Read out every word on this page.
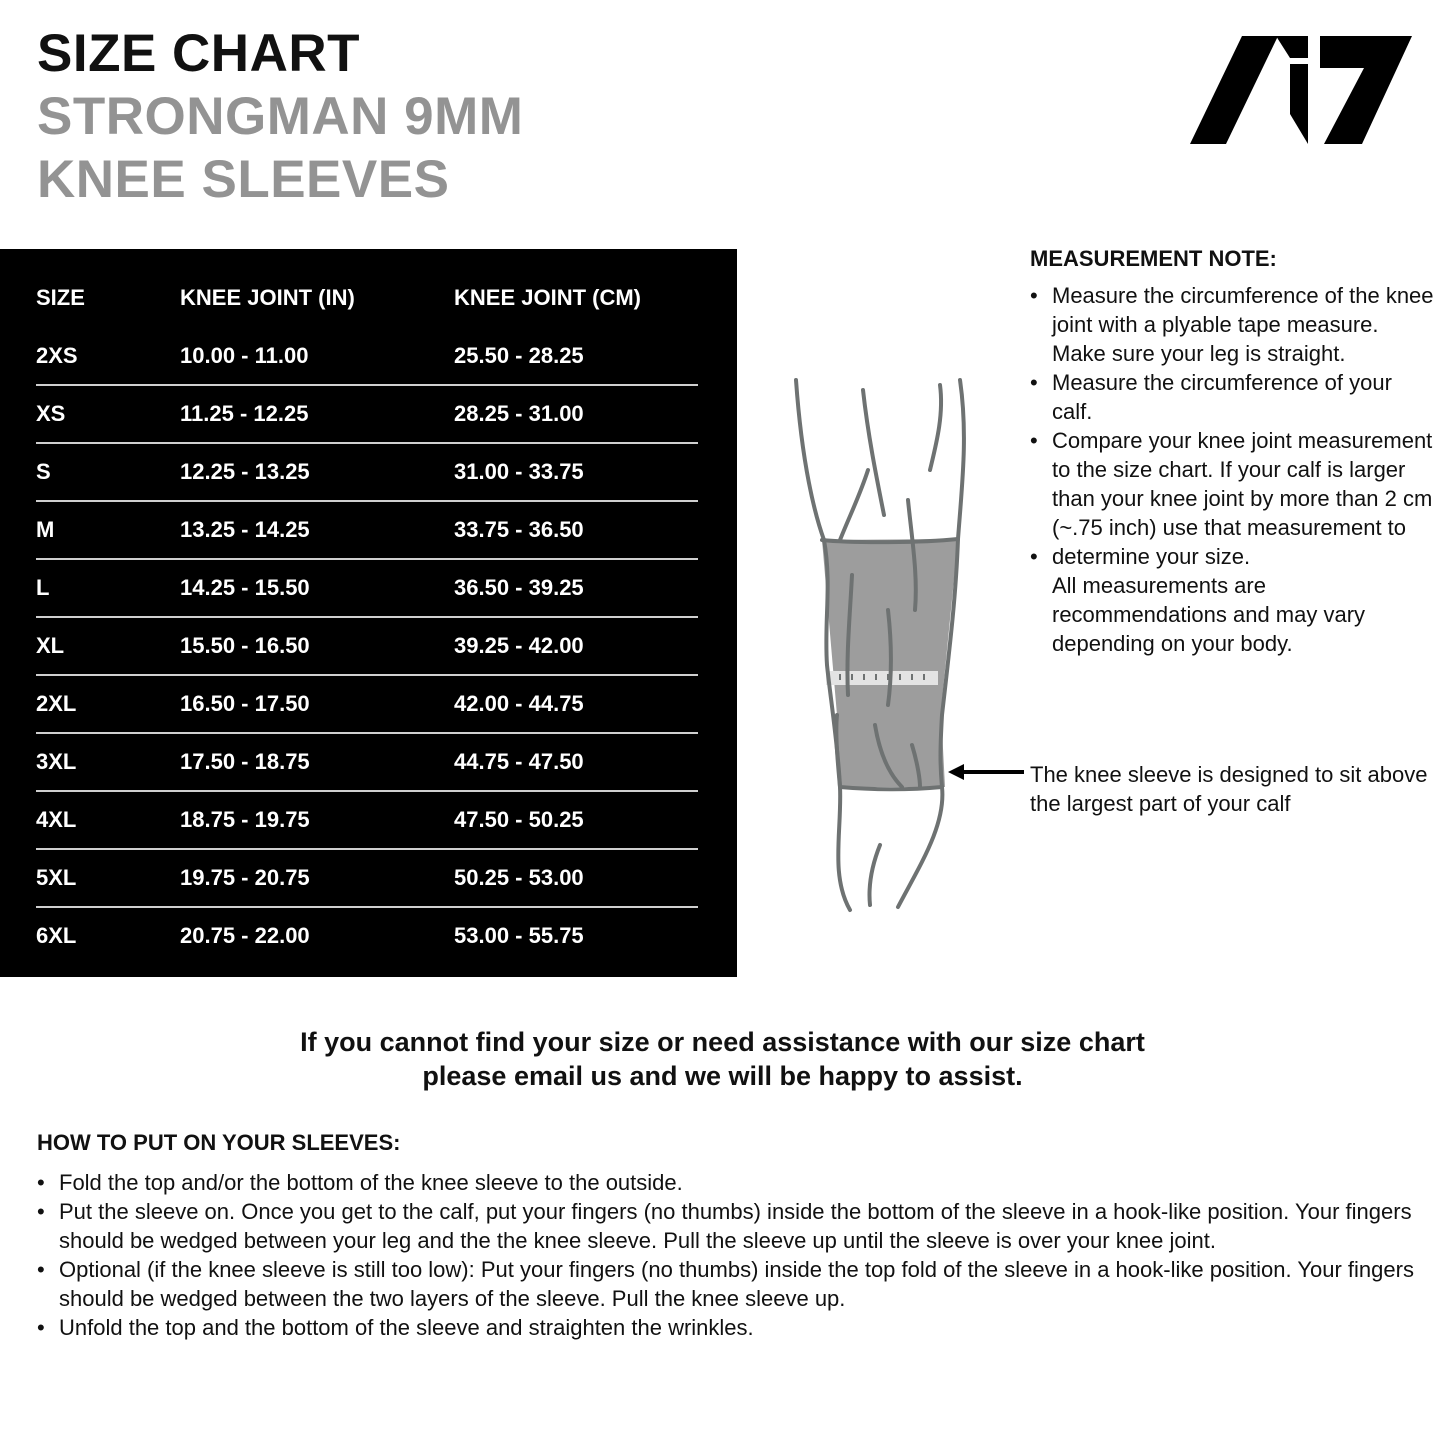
SIZE CHART
STRONGMAN 9MM
KNEE SLEEVES
SIZE	KNEE JOINT (IN)	KNEE JOINT (CM)
2XS	10.00 - 11.00	25.50 - 28.25
XS	11.25 - 12.25	28.25 - 31.00
S	12.25 - 13.25	31.00 - 33.75
M	13.25 - 14.25	33.75 - 36.50
L	14.25 - 15.50	36.50 - 39.25
XL	15.50 - 16.50	39.25 - 42.00
2XL	16.50 - 17.50	42.00 - 44.75
3XL	17.50 - 18.75	44.75 - 47.50
4XL	18.75 - 19.75	47.50 - 50.25
5XL	19.75 - 20.75	50.25 - 53.00
6XL	20.75 - 22.00	53.00 - 55.75
MEASUREMENT NOTE:
• Measure the circumference of the knee joint with a plyable tape measure. Make sure your leg is straight.
• Measure the circumference of your calf.
• Compare your knee joint measurement to the size chart. If your calf is larger than your knee joint by more than 2 cm (~.75 inch) use that measurement to
• determine your size.
All measurements are recommendations and may vary depending on your body.
The knee sleeve is designed to sit above the largest part of your calf
If you cannot find your size or need assistance with our size chart
please email us and we will be happy to assist.
HOW TO PUT ON YOUR SLEEVES:
• Fold the top and/or the bottom of the knee sleeve to the outside.
• Put the sleeve on. Once you get to the calf, put your fingers (no thumbs) inside the bottom of the sleeve in a hook-like position. Your fingers should be wedged between your leg and the the knee sleeve. Pull the sleeve up until the sleeve is over your knee joint.
• Optional (if the knee sleeve is still too low): Put your fingers (no thumbs) inside the top fold of the sleeve in a hook-like position. Your fingers should be wedged between the two layers of the sleeve. Pull the knee sleeve up.
• Unfold the top and the bottom of the sleeve and straighten the wrinkles.
